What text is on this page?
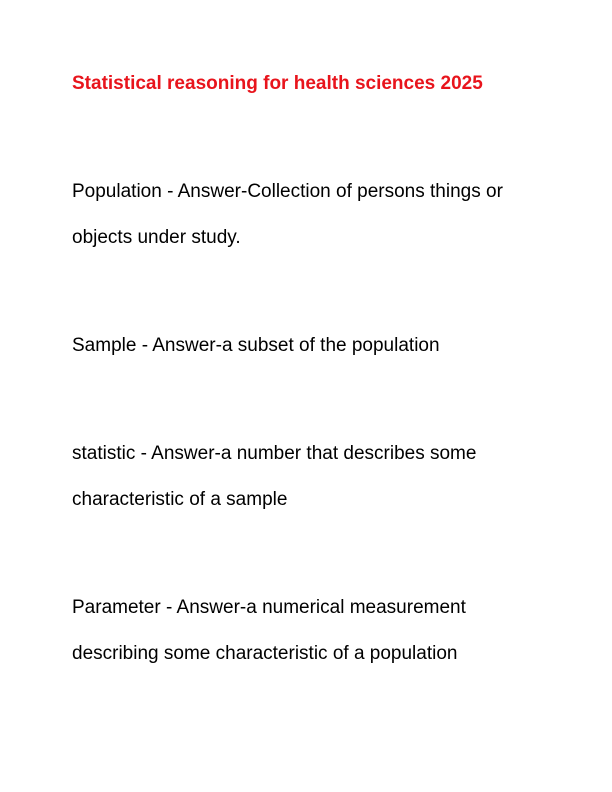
Statistical reasoning for health sciences 2025

Population - Answer-Collection of persons things or
objects under study.

Sample - Answer-a subset of the population

statistic - Answer-a number that describes some
characteristic of a sample

Parameter - Answer-a numerical measurement
describing some characteristic of a population
